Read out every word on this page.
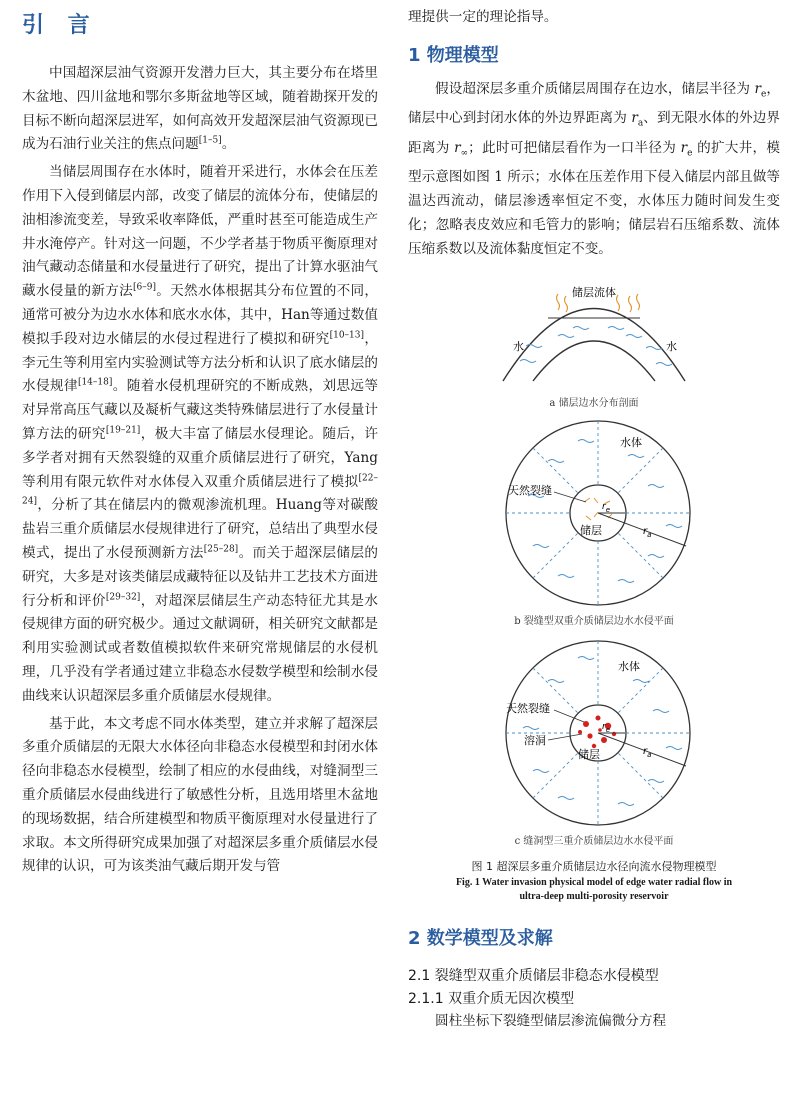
引 言

中国超深层油气资源开发潜力巨大，其主要分布在塔里木盆地、四川盆地和鄂尔多斯盆地等区域，随着勘探开发的目标不断向超深层进军，如何高效开发超深层油气资源现已成为石油行业关注的焦点问题[1–5]。

当储层周围存在水体时，随着开采进行，水体会在压差作用下入侵到储层内部，改变了储层的流体分布，使储层的油相渗流变差，导致采收率降低，严重时甚至可能造成生产井水淹停产。针对这一问题，不少学者基于物质平衡原理对油气藏动态储量和水侵量进行了研究，提出了计算水驱油气藏水侵量的新方法[6–9]。天然水体根据其分布位置的不同，通常可被分为边水水体和底水水体，其中，Han等通过数值模拟手段对边水储层的水侵过程进行了模拟和研究[10–13]，李元生等利用室内实验测试等方法分析和认识了底水储层的水侵规律[14–18]。随着水侵机理研究的不断成熟，刘思远等对异常高压气藏以及凝析气藏这类特殊储层进行了水侵量计算方法的研究[19–21]，极大丰富了储层水侵理论。随后，许多学者对拥有天然裂缝的双重介质储层进行了研究，Yang等利用有限元软件对水体侵入双重介质储层进行了模拟[22–24]，分析了其在储层内的微观渗流机理。Huang等对碳酸盐岩三重介质储层水侵规律进行了研究，总结出了典型水侵模式，提出了水侵预测新方法[25–28]。而关于超深层储层的研究，大多是对该类储层成藏特征以及钻井工艺技术方面进行分析和评价[29–32]，对超深层储层生产动态特征尤其是水侵规律方面的研究极少。通过文献调研，相关研究文献都是利用实验测试或者数值模拟软件来研究常规储层的水侵机理，几乎没有学者通过建立非稳态水侵数学模型和绘制水侵曲线来认识超深层多重介质储层水侵规律。

基于此，本文考虑不同水体类型，建立并求解了超深层多重介质储层的无限大水体径向非稳态水侵模型和封闭水体径向非稳态水侵模型，绘制了相应的水侵曲线，对缝洞型三重介质储层水侵曲线进行了敏感性分析，且选用塔里木盆地的现场数据，结合所建模型和物质平衡原理对水侵量进行了求取。本文所得研究成果加强了对超深层多重介质储层水侵规律的认识，可为该类油气藏后期开发与管

理提供一定的理论指导。

1 物理模型

假设超深层多重介质储层周围存在边水，储层半径为 $r_e$，储层中心到封闭水体的外边界距离为 $r_a$、到无限水体的外边界距离为 $r_\infty$；此时可把储层看作为一口半径为 $r_e$ 的扩大井，模型示意图如图 1 所示；水体在压差作用下侵入储层内部且做等温达西流动，储层渗透率恒定不变，水体压力随时间发生变化；忽略表皮效应和毛管力的影响；储层岩石压缩系数、流体压缩系数以及流体黏度恒定不变。

储层流体
水	水
a 储层边水分布剖面
$r_e$
$r_a$
水体
天然裂缝
储层
b 裂缝型双重介质储层边水水侵平面
$r_e$
$r_a$
水体
天然裂缝
溶洞
储层
c 缝洞型三重介质储层边水水侵平面
图 1 超深层多重介质储层边水径向流水侵物理模型
Fig. 1 Water invasion physical model of edge water radial flow in
ultra-deep multi-porosity reservoir
2 数学模型及求解
2.1 裂缝型双重介质储层非稳态水侵模型
2.1.1 双重介质无因次模型

圆柱坐标下裂缝型储层渗流偏微分方程
